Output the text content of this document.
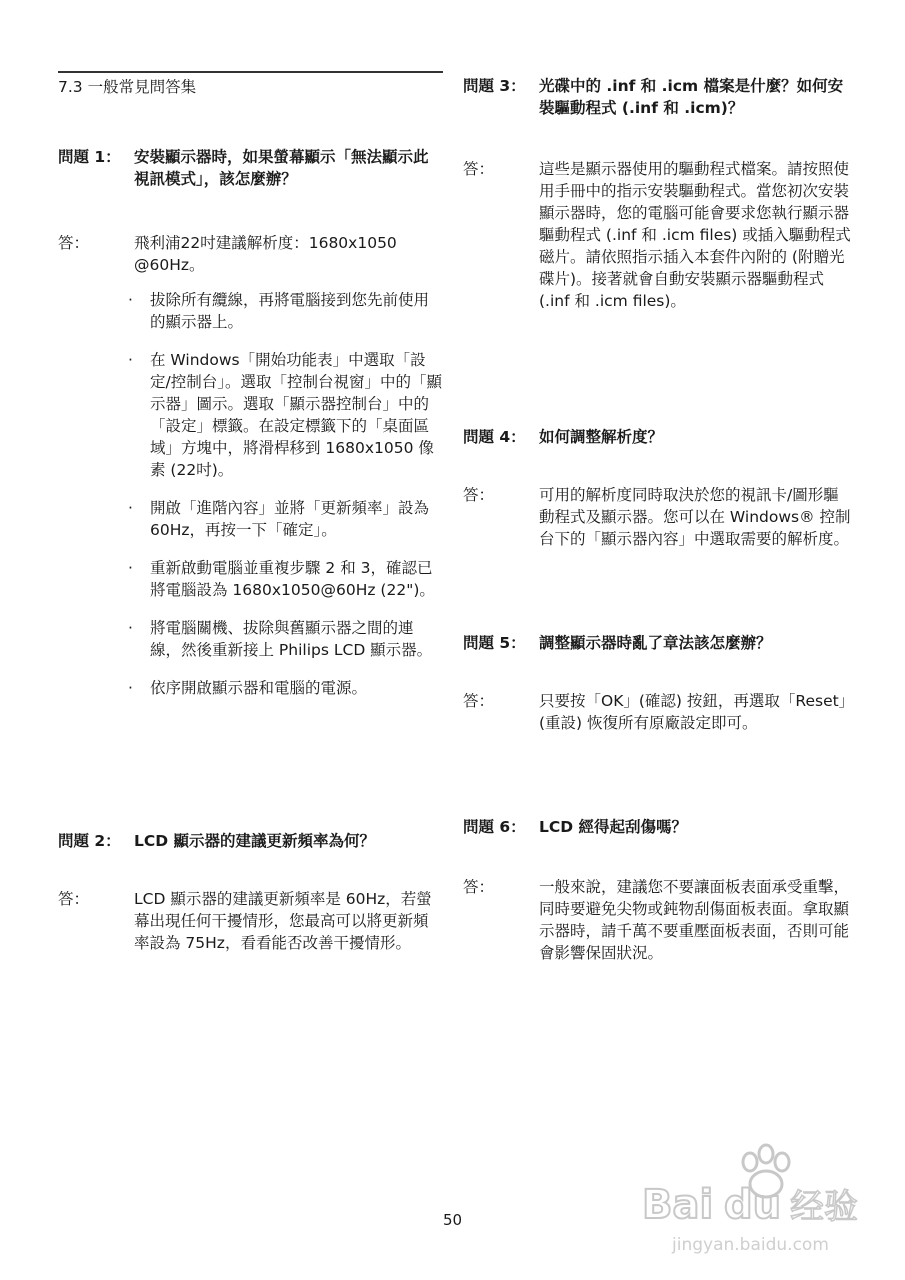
7.3 一般常見問答集
問題 1： 安裝顯示器時，如果螢幕顯示「無法顯示此視訊模式」，該怎麼辦？
答：	飛利浦22吋建議解析度：1680x1050 @60Hz。
· 拔除所有纜線，再將電腦接到您先前使用的顯示器上。
· 在 Windows「開始功能表」中選取「設定/控制台」。選取「控制台視窗」中的「顯示器」圖示。選取「顯示器控制台」中的「設定」標籤。在設定標籤下的「桌面區域」方塊中，將滑桿移到 1680x1050 像素 (22吋)。
· 開啟「進階內容」並將「更新頻率」設為 60Hz，再按一下「確定」。
· 重新啟動電腦並重複步驟 2 和 3，確認已將電腦設為 1680x1050@60Hz (22")。
· 將電腦關機、拔除與舊顯示器之間的連線，然後重新接上 Philips LCD 顯示器。
· 依序開啟顯示器和電腦的電源。
問題 2： LCD 顯示器的建議更新頻率為何？
答：	LCD 顯示器的建議更新頻率是 60Hz，若螢幕出現任何干擾情形，您最高可以將更新頻率設為 75Hz，看看能否改善干擾情形。
問題 3： 光碟中的 .inf 和 .icm 檔案是什麼？如何安裝驅動程式 (.inf 和 .icm)？
答：	這些是顯示器使用的驅動程式檔案。請按照使用手冊中的指示安裝驅動程式。當您初次安裝顯示器時，您的電腦可能會要求您執行顯示器驅動程式 (.inf 和 .icm files) 或插入驅動程式磁片。請依照指示插入本套件內附的 (附贈光碟片)。接著就會自動安裝顯示器驅動程式 (.inf 和 .icm files)。
問題 4： 如何調整解析度？
答：	可用的解析度同時取決於您的視訊卡/圖形驅動程式及顯示器。您可以在 Windows® 控制台下的「顯示器內容」中選取需要的解析度。
問題 5： 調整顯示器時亂了章法該怎麼辦？
答：	只要按「OK」(確認) 按鈕，再選取「Reset」(重設) 恢復所有原廠設定即可。
問題 6： LCD 經得起刮傷嗎？
答：	一般來說，建議您不要讓面板表面承受重擊，同時要避免尖物或鈍物刮傷面板表面。拿取顯示器時，請千萬不要重壓面板表面，否則可能會影響保固狀況。
50	Bai du 经验
jingyan.baidu.com
